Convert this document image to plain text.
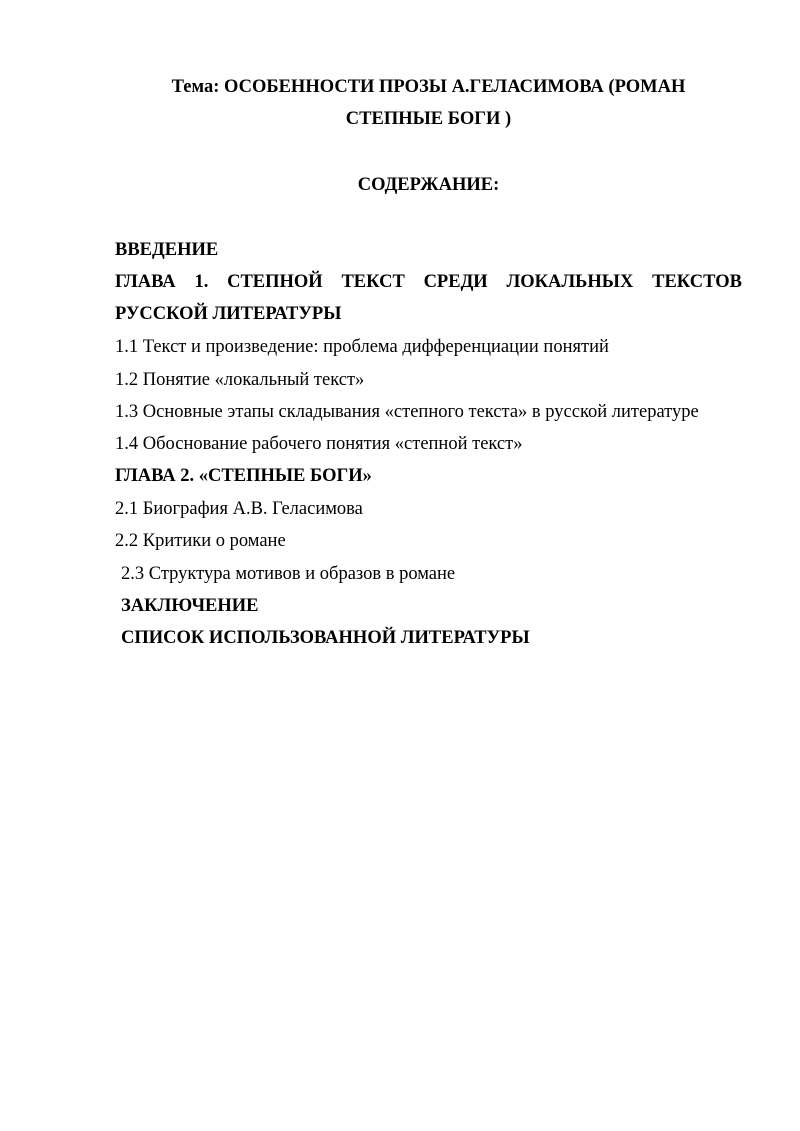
Тема: ОСОБЕННОСТИ ПРОЗЫ А.ГЕЛАСИМОВА (РОМАН
СТЕПНЫЕ БОГИ )
СОДЕРЖАНИЕ:
ВВЕДЕНИЕ
ГЛАВА 1. СТЕПНОЙ ТЕКСТ СРЕДИ ЛОКАЛЬНЫХ ТЕКСТОВ
РУССКОЙ ЛИТЕРАТУРЫ
1.1 Текст и произведение: проблема дифференциации понятий
1.2 Понятие «локальный текст»
1.3 Основные этапы складывания «степного текста» в русской литературе
1.4 Обоснование рабочего понятия «степной текст»
ГЛАВА 2. «СТЕПНЫЕ БОГИ»
2.1 Биография А.В. Геласимова
2.2 Критики о романе
2.3 Структура мотивов и образов в романе
ЗАКЛЮЧЕНИЕ
СПИСОК ИСПОЛЬЗОВАННОЙ ЛИТЕРАТУРЫ
